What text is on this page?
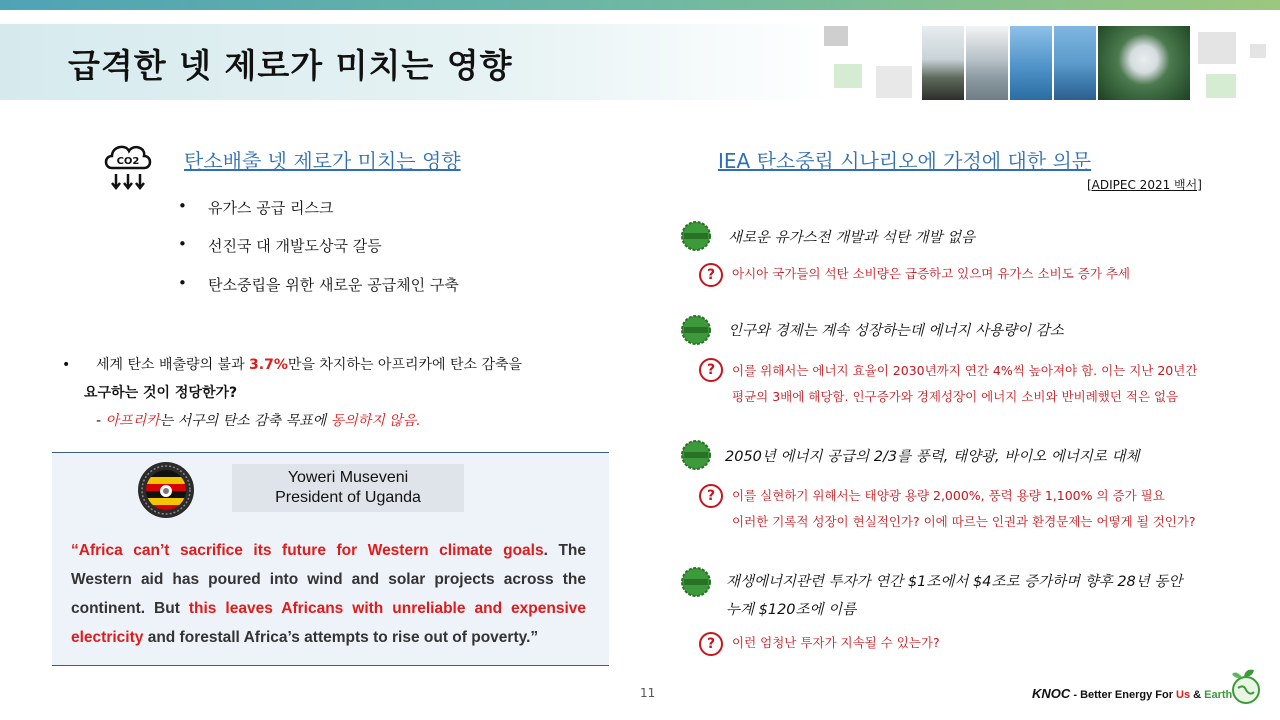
급격한 넷 제로가 미치는 영향
CO2 탄소배출 넷 제로가 미치는 영향
• 유가스 공급 리스크
• 선진국 대 개발도상국 갈등
• 탄소중립을 위한 새로운 공급체인 구축
• 세계 탄소 배출량의 불과 3.7%만을 차지하는 아프리카에 탄소 감축을
요구하는 것이 정당한가?
- 아프리카는 서구의 탄소 감축 목표에 동의하지 않음.
Yoweri Museveni
President of Uganda
“Africa can’t sacrifice its future for Western climate goals. The Western aid has poured into wind and solar projects across the continent. But this leaves Africans with unreliable and expensive electricity and forestall Africa’s attempts to rise out of poverty.”
IEA 탄소중립 시나리오에 가정에 대한 의문
[ADIPEC 2021 백서]
새로운 유가스전 개발과 석탄 개발 없음
?	아시아 국가들의 석탄 소비량은 급증하고 있으며 유가스 소비도 증가 추세
인구와 경제는 계속 성장하는데 에너지 사용량이 감소
?	이를 위해서는 에너지 효율이 2030년까지 연간 4%씩 높아져야 함. 이는 지난 20년간
평균의 3배에 해당함. 인구증가와 경제성장이 에너지 소비와 반비례했던 적은 없음
2050년 에너지 공급의 2/3를 풍력, 태양광, 바이오 에너지로 대체
?	이를 실현하기 위해서는 태양광 용량 2,000%, 풍력 용량 1,100% 의 증가 필요
이러한 기록적 성장이 현실적인가? 이에 따르는 인권과 환경문제는 어떻게 될 것인가?
재생에너지관련 투자가 연간 $1조에서 $4조로 증가하며 향후 28년 동안
누계 $120조에 이름
?	이런 엄청난 투자가 지속될 수 있는가?
11	KNOC - Better Energy For Us & Earth
